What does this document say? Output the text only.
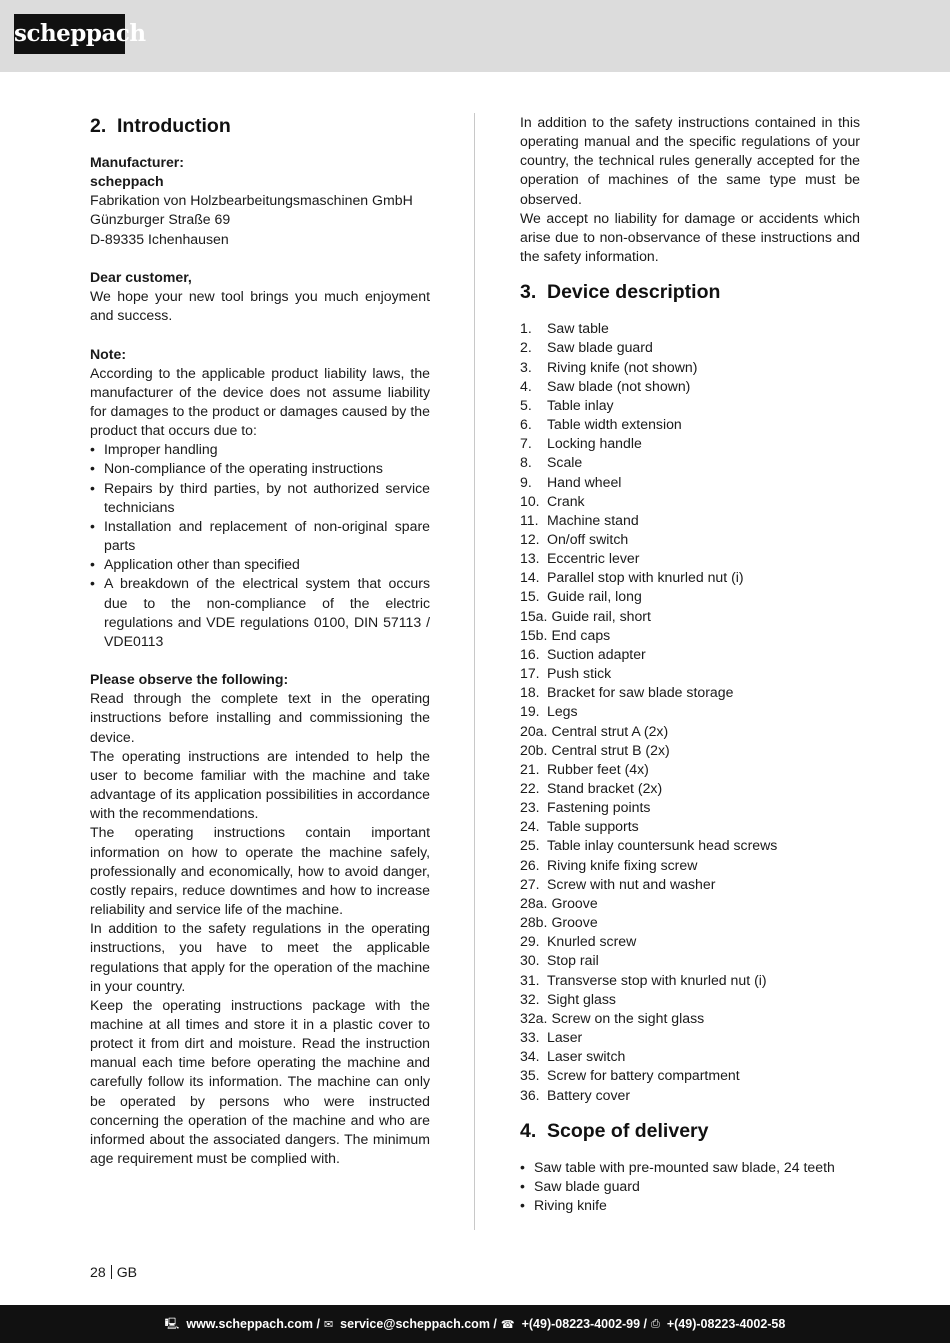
scheppach
2. Introduction
Manufacturer:
scheppach
Fabrikation von Holzbearbeitungsmaschinen GmbH
Günzburger Straße 69
D-89335 Ichenhausen
Dear customer,

We hope your new tool brings you much enjoyment and success.

Note:

According to the applicable product liability laws, the manufacturer of the device does not assume liability for damages to the product or damages caused by the product that occurs due to:

• Improper handling
• Non-compliance of the operating instructions
• Repairs by third parties, by not authorized service technicians
• Installation and replacement of non-original spare parts
• Application other than specified
• A breakdown of the electrical system that occurs due to the non-compliance of the electric regulations and VDE regulations 0100, DIN 57113 / VDE0113
Please observe the following:

Read through the complete text in the operating instructions before installing and commissioning the device.

The operating instructions are intended to help the user to become familiar with the machine and take advantage of its application possibilities in accordance with the recommendations.

The operating instructions contain important information on how to operate the machine safely, professionally and economically, how to avoid danger, costly repairs, reduce downtimes and how to increase reliability and service life of the machine.

In addition to the safety regulations in the operating instructions, you have to meet the applicable regulations that apply for the operation of the machine in your country.

Keep the operating instructions package with the machine at all times and store it in a plastic cover to protect it from dirt and moisture. Read the instruction manual each time before operating the machine and carefully follow its information. The machine can only be operated by persons who were instructed concerning the operation of the machine and who are informed about the associated dangers. The minimum age requirement must be complied with.

In addition to the safety instructions contained in this operating manual and the specific regulations of your country, the technical rules generally accepted for the operation of machines of the same type must be observed.

We accept no liability for damage or accidents which arise due to non-observance of these instructions and the safety information.

3. Device description
1.	Saw table
2.	Saw blade guard
3.	Riving knife (not shown)
4.	Saw blade (not shown)
5.	Table inlay
6.	Table width extension
7.	Locking handle
8.	Scale
9.	Hand wheel
10. Crank
11. Machine stand
12. On/off switch
13. Eccentric lever
14. Parallel stop with knurled nut (i)
15. Guide rail, long
15a. Guide rail, short
15b. End caps
16. Suction adapter
17. Push stick
18. Bracket for saw blade storage
19. Legs
20a. Central strut A (2x)
20b. Central strut B (2x)
21. Rubber feet (4x)
22. Stand bracket (2x)
23. Fastening points
24. Table supports
25. Table inlay countersunk head screws
26. Riving knife fixing screw
27. Screw with nut and washer
28a. Groove
28b. Groove
29. Knurled screw
30. Stop rail
31. Transverse stop with knurled nut (i)
32. Sight glass
32a. Screw on the sight glass
33. Laser
34. Laser switch
35. Screw for battery compartment
36. Battery cover
4. Scope of delivery
• Saw table with pre-mounted saw blade, 24 teeth
• Saw blade guard
• Riving knife
28 GB
🖳 www.scheppach.com / ✉ service@scheppach.com / ☎ +(49)-08223-4002-99 / ⎙ +(49)-08223-4002-58
